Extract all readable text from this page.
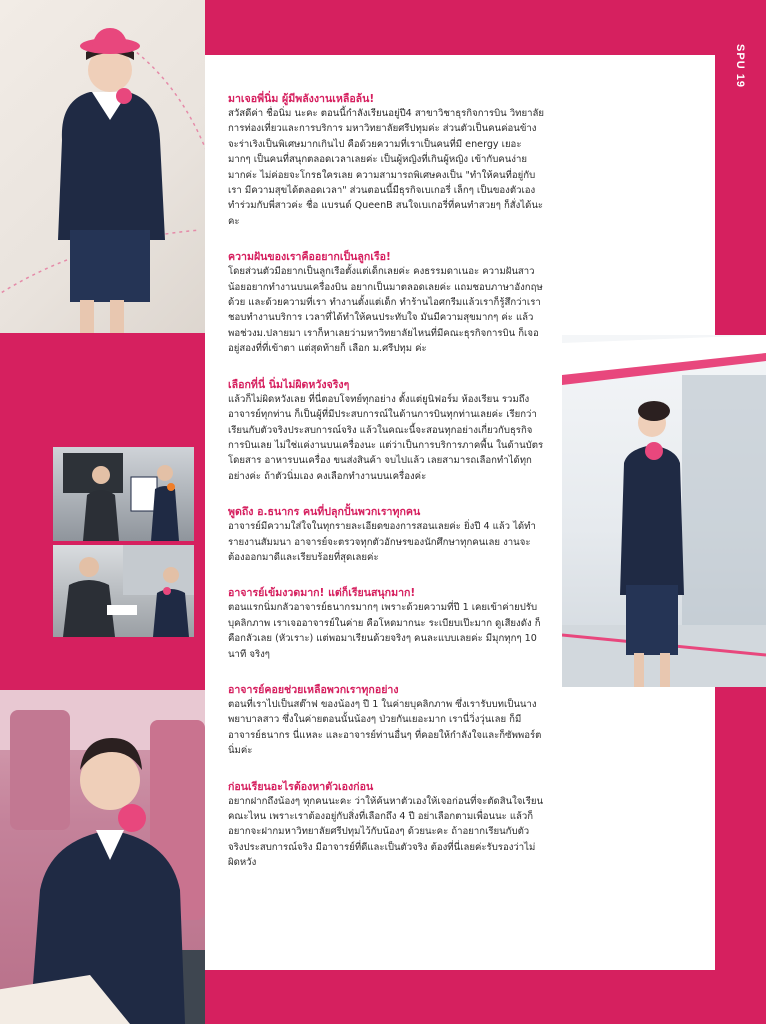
SPU 19

มาเจอพี่นิ่ม ผู้มีพลังงานเหลือล้น!

สวัสดีค่า ชื่อนิ่ม นะคะ ตอนนี้กำลังเรียนอยู่ปี4 สาขาวิชาธุรกิจการบิน วิทยาลัยการท่องเที่ยวและการบริการ มหาวิทยาลัยศรีปทุมค่ะ ส่วนตัวเป็นคนค่อนข้างจะร่าเริงเป็นพิเศษมากเกินไป คือด้วยความที่เราเป็นคนที่มี energy เยอะมากๆ เป็นคนที่สนุกตลอดเวลาเลยค่ะ เป็นผู้หญิงที่เกินผู้หญิง เข้ากับคนง่ายมากค่ะ ไม่ค่อยจะโกรธใครเลย ความสามารถพิเศษคงเป็น "ทำให้คนที่อยู่กับเรา มีความสุขได้ตลอดเวลา" ส่วนตอนนี้มีธุรกิจเบเกอรี่ เล็กๆ เป็นของตัวเอง ทำร่วมกับพี่สาวค่ะ ชื่อ แบรนด์ QueenB สนใจเบเกอรี่ที่คนทำสวยๆ ก็สั่งได้นะคะ

ความฝันของเราคืออยากเป็นลูกเรือ!

โดยส่วนตัวมีอยากเป็นลูกเรือตั้งแต่เด็กเลยค่ะ คงธรรมดาเนอะ ความฝันสาวน้อยอยากทำงานบนเครื่องบิน อยากเป็นมาตลอดเลยค่ะ แถมชอบภาษาอังกฤษด้วย และด้วยความที่เรา ทำงานตั้งแต่เด็ก ทำร้านไอศกรีมแล้วเราก็รู้สึกว่าเราชอบทำงานบริการ เวลาที่ได้ทำให้คนประทับใจ มันมีความสุขมากๆ ค่ะ แล้วพอช่วงม.ปลายมา เราก็หาเลยว่ามหาวิทยาลัยไหนที่มีคณะธุรกิจการบิน ก็เจออยู่สองที่ที่เข้าตา แต่สุดท้ายก็ เลือก ม.ศรีปทุม ค่ะ

เลือกที่นี่ นิ่มไม่ผิดหวังจริงๆ

แล้วก็ไม่ผิดหวังเลย ที่นี่ตอบโจทย์ทุกอย่าง ตั้งแต่ยูนิฟอร์ม ห้องเรียน รวมถึงอาจารย์ทุกท่าน ก็เป็นผู้ที่มีประสบการณ์ในด้านการบินทุกท่านเลยค่ะ เรียกว่าเรียนกับตัวจริงประสบการณ์จริง แล้วในคณะนี้จะสอนทุกอย่างเกี่ยวกับธุรกิจการบินเลย ไม่ใช่แค่งานบนเครื่องนะ แต่ว่าเป็นการบริการภาคพื้น ในด้านบัตรโดยสาร อาหารบนเครื่อง ขนส่งสินค้า จบไปแล้ว เลยสามารถเลือกทำได้ทุกอย่างค่ะ ถ้าตัวนิ่มเอง คงเลือกทำงานบนเครื่องค่ะ

พูดถึง อ.ธนากร คนที่ปลุกปั้นพวกเราทุกคน

อาจารย์มีความใส่ใจในทุกรายละเอียดของการสอนเลยค่ะ ยิ่งปี 4 แล้ว ได้ทำรายงานสัมมนา อาจารย์จะตรวจทุกตัวอักษรของนักศึกษาทุกคนเลย งานจะต้องออกมาดีและเรียบร้อยที่สุดเลยค่ะ

อาจารย์เข้มงวดมาก! แต่ก็เรียนสนุกมาก!

ตอนแรกนิ่มกลัวอาจารย์ธนากรมากๆ เพราะด้วยความที่ปี 1 เคยเข้าค่ายปรับบุคลิกภาพ เราเจออาจารย์ในค่าย คือโหดมากนะ ระเบียบเป๊ะมาก ดูเสียงดัง ก็คือกลัวเลย (หัวเราะ) แต่พอมาเรียนด้วยจริงๆ คนละแบบเลยค่ะ มีมุกทุกๆ 10 นาที จริงๆ

อาจารย์คอยช่วยเหลือพวกเราทุกอย่าง

ตอนที่เราไปเป็นสต๊าฟ ของน้องๆ ปี 1 ในค่ายบุคลิกภาพ ซึ่งเรารับบทเป็นนางพยาบาลสาว ซึ่งในค่ายตอนนั้นน้องๆ ป่วยกันเยอะมาก เรานี่วิ่งวุ่นเลย ก็มีอาจารย์ธนากร นี่แหละ และอาจารย์ท่านอื่นๆ ที่คอยให้กำลังใจและก็ซัพพอร์ตนิ่มค่ะ

ก่อนเรียนอะไรต้องหาตัวเองก่อน

อยากฝากถึงน้องๆ ทุกคนนะคะ ว่าให้ค้นหาตัวเองให้เจอก่อนที่จะตัดสินใจเรียนคณะไหน เพราะเราต้องอยู่กับสิ่งที่เลือกถึง 4 ปี อย่าเลือกตามเพื่อนนะ แล้วก็อยากจะฝากมหาวิทยาลัยศรีปทุมไว้กับน้องๆ ด้วยนะคะ ถ้าอยากเรียนกับตัวจริงประสบการณ์จริง มีอาจารย์ที่ดีและเป็นตัวจริง ต้องที่นี่เลยค่ะรับรองว่าไม่ผิดหวัง
